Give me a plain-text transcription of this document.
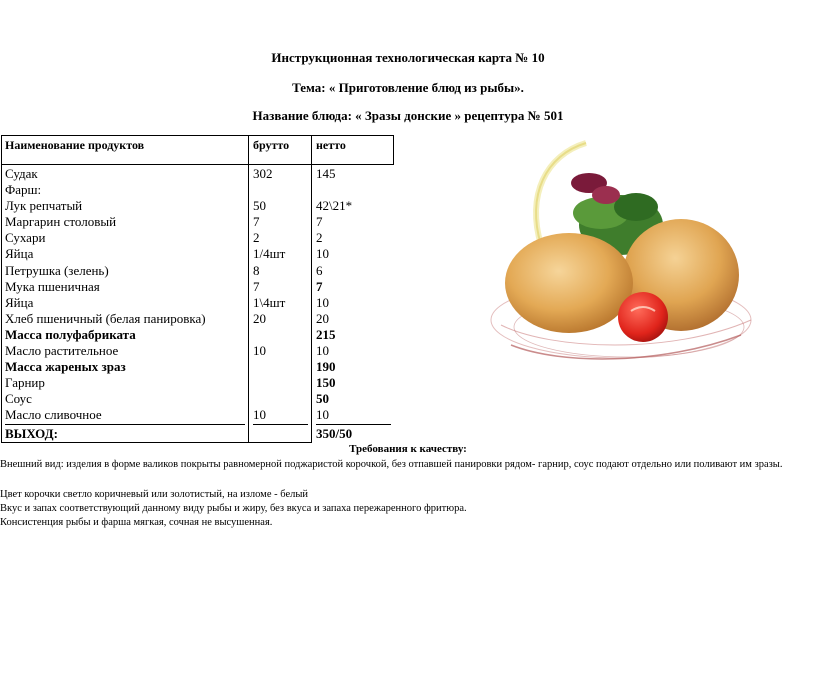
Инструкционная технологическая карта № 10
Тема: « Приготовление блюд из рыбы».
Название блюда: « Зразы донские » рецептура № 501
Наименование продуктов	брутто нетто
Судак
Фарш:
Лук репчатый
Маргарин столовый
Сухари
Яйца
Петрушка (зелень)
Мука пшеничная
Яйца
Хлеб пшеничный (белая панировка)
Масса полуфабриката
Масло растительное
Масса жареных зраз
Гарнир
Соус
Масло сливочное
302
50
7
2
1/4шт
8
7
1\4шт
20
10
10
145
42\21*
7
2
10
6
7
10
20
215
10
190
150
50
10
ВЫХОД:	350/50
Требования к качеству:
Внешний вид: изделия в форме валиков покрыты равномерной поджаристой корочкой, без отпавшей панировки рядом- гарнир, соус подают отдельно или поливают им зразы.
Цвет корочки светло коричневый или золотистый, на изломе - белый
Вкус и запах соответствующий данному виду рыбы и жиру, без вкуса и запаха пережаренного фритюра.
Консистенция рыбы и фарша мягкая, сочная не высушенная.
